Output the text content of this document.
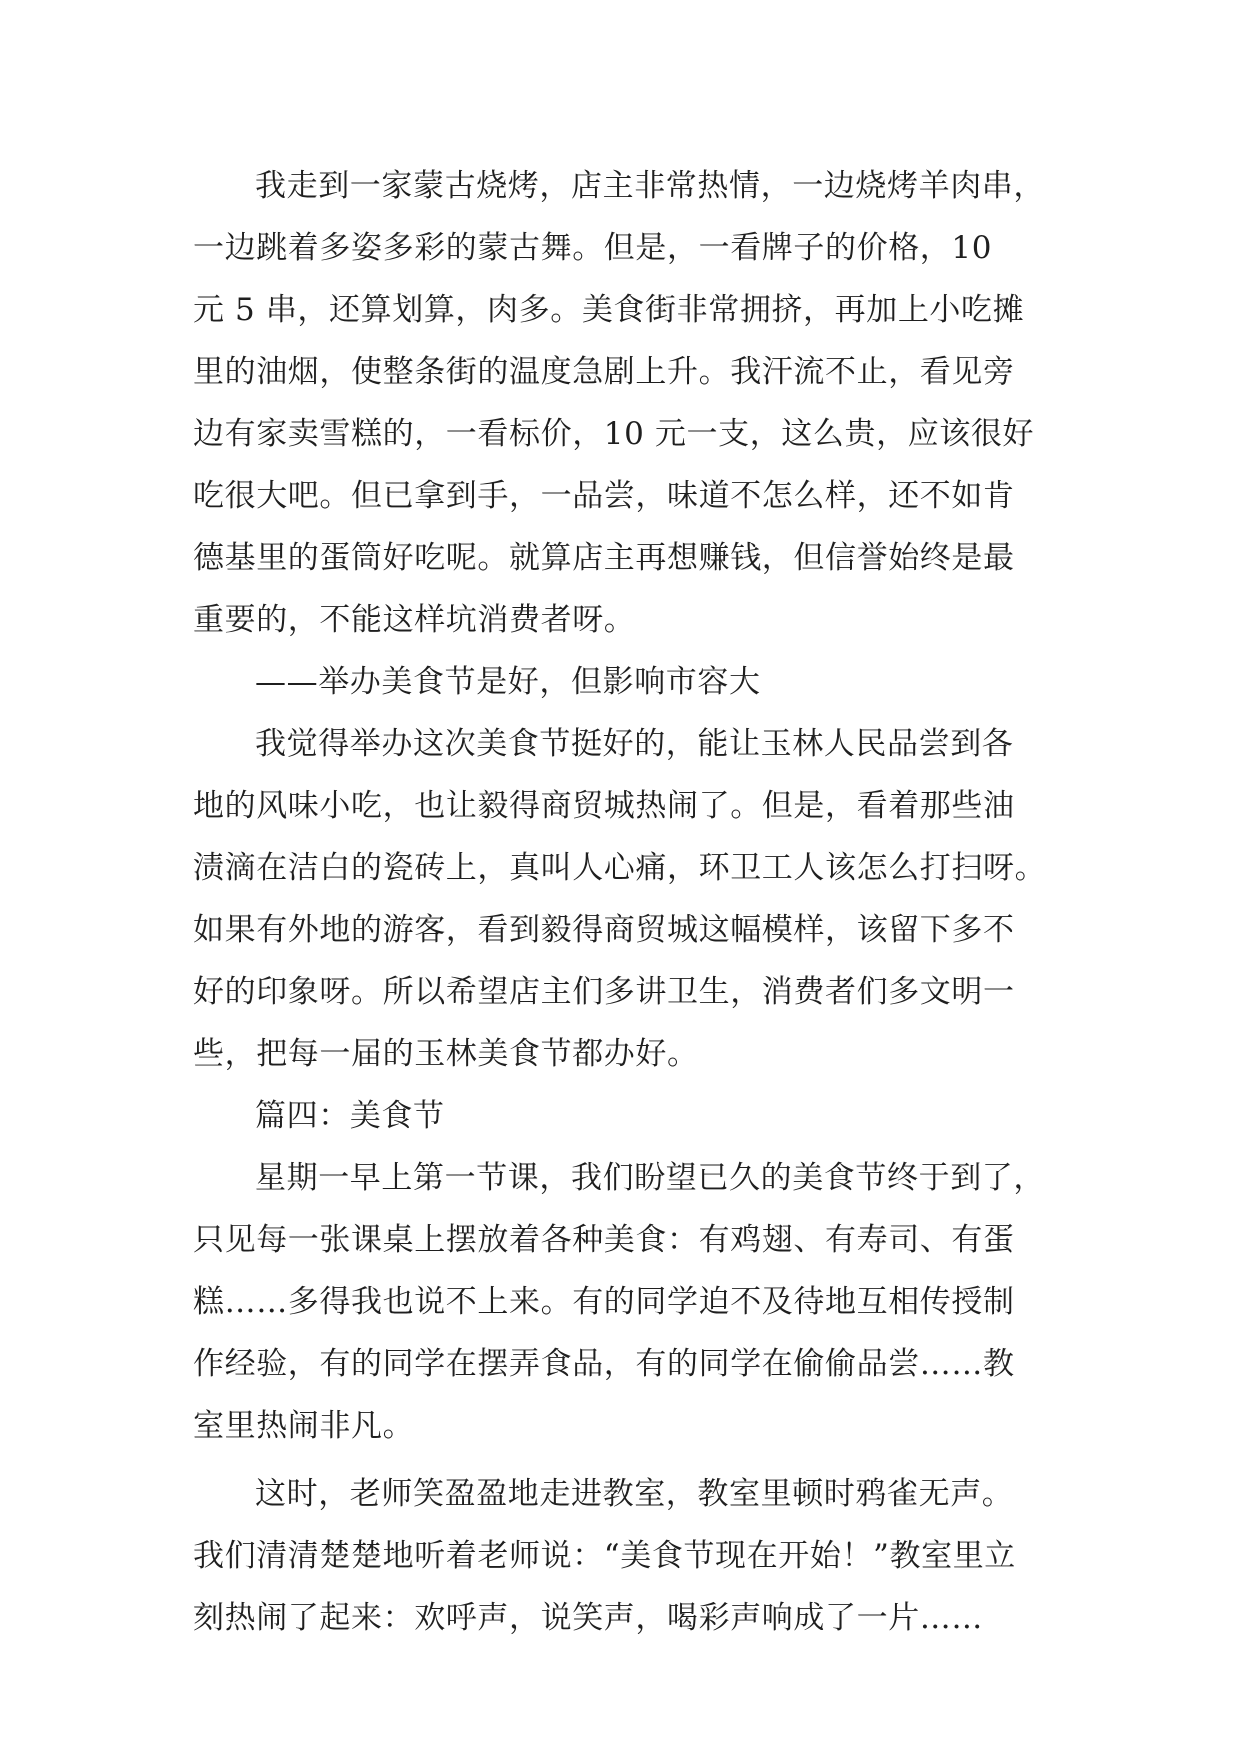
我走到一家蒙古烧烤，店主非常热情，一边烧烤羊肉串，
一边跳着多姿多彩的蒙古舞。但是，一看牌子的价格，10
元 5 串，还算划算，肉多。美食街非常拥挤，再加上小吃摊
里的油烟，使整条街的温度急剧上升。我汗流不止，看见旁
边有家卖雪糕的，一看标价，10 元一支，这么贵，应该很好
吃很大吧。但已拿到手，一品尝，味道不怎么样，还不如肯
德基里的蛋筒好吃呢。就算店主再想赚钱，但信誉始终是最
重要的，不能这样坑消费者呀。
——举办美食节是好，但影响市容大
我觉得举办这次美食节挺好的，能让玉林人民品尝到各
地的风味小吃，也让毅得商贸城热闹了。但是，看着那些油
渍滴在洁白的瓷砖上，真叫人心痛，环卫工人该怎么打扫呀。
如果有外地的游客，看到毅得商贸城这幅模样，该留下多不
好的印象呀。所以希望店主们多讲卫生，消费者们多文明一
些，把每一届的玉林美食节都办好。
篇四：美食节
星期一早上第一节课，我们盼望已久的美食节终于到了，
只见每一张课桌上摆放着各种美食：有鸡翅、有寿司、有蛋
糕……多得我也说不上来。有的同学迫不及待地互相传授制
作经验，有的同学在摆弄食品，有的同学在偷偷品尝……教
室里热闹非凡。
这时，老师笑盈盈地走进教室，教室里顿时鸦雀无声。
我们清清楚楚地听着老师说：“美食节现在开始！”教室里立
刻热闹了起来：欢呼声，说笑声，喝彩声响成了一片……
